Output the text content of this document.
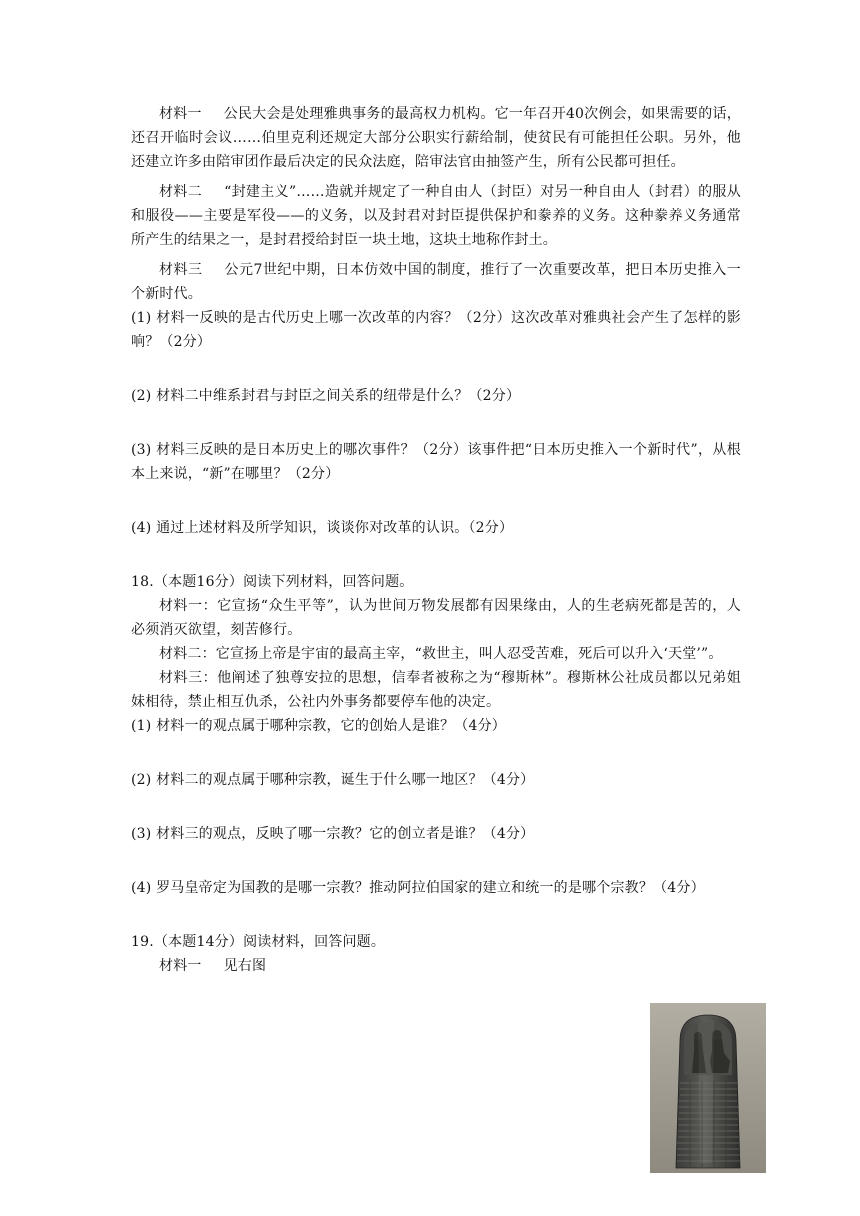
材料一 公民大会是处理雅典事务的最高权力机构。它一年召开40次例会，如果需要的话，还召开临时会议……伯里克利还规定大部分公职实行薪给制，使贫民有可能担任公职。另外，他还建立许多由陪审团作最后决定的民众法庭，陪审法官由抽签产生，所有公民都可担任。

材料二 “封建主义”……造就并规定了一种自由人（封臣）对另一种自由人（封君）的服从和服役——主要是军役——的义务，以及封君对封臣提供保护和豢养的义务。这种豢养义务通常所产生的结果之一，是封君授给封臣一块土地，这块土地称作封土。

材料三 公元7世纪中期，日本仿效中国的制度，推行了一次重要改革，把日本历史推入一个新时代。

(1) 材料一反映的是古代历史上哪一次改革的内容？（2分）这次改革对雅典社会产生了怎样的影响？（2分）

(2) 材料二中维系封君与封臣之间关系的纽带是什么？（2分）

(3) 材料三反映的是日本历史上的哪次事件？（2分）该事件把“日本历史推入一个新时代”，从根本上来说，“新”在哪里？（2分）

(4) 通过上述材料及所学知识，谈谈你对改革的认识。（2分）

18.（本题16分）阅读下列材料，回答问题。

材料一：它宣扬“众生平等”，认为世间万物发展都有因果缘由，人的生老病死都是苦的，人必须消灭欲望，刻苦修行。

材料二：它宣扬上帝是宇宙的最高主宰，“救世主，叫人忍受苦难，死后可以升入‘天堂’”。

材料三：他阐述了独尊安拉的思想，信奉者被称之为“穆斯林”。穆斯林公社成员都以兄弟姐妹相待，禁止相互仇杀，公社内外事务都要停车他的决定。

(1) 材料一的观点属于哪种宗教，它的创始人是谁？（4分）

(2) 材料二的观点属于哪种宗教，诞生于什么哪一地区？（4分）

(3) 材料三的观点，反映了哪一宗教？它的创立者是谁？（4分）

(4) 罗马皇帝定为国教的是哪一宗教？推动阿拉伯国家的建立和统一的是哪个宗教？（4分）

19.（本题14分）阅读材料，回答问题。

材料一 见右图
